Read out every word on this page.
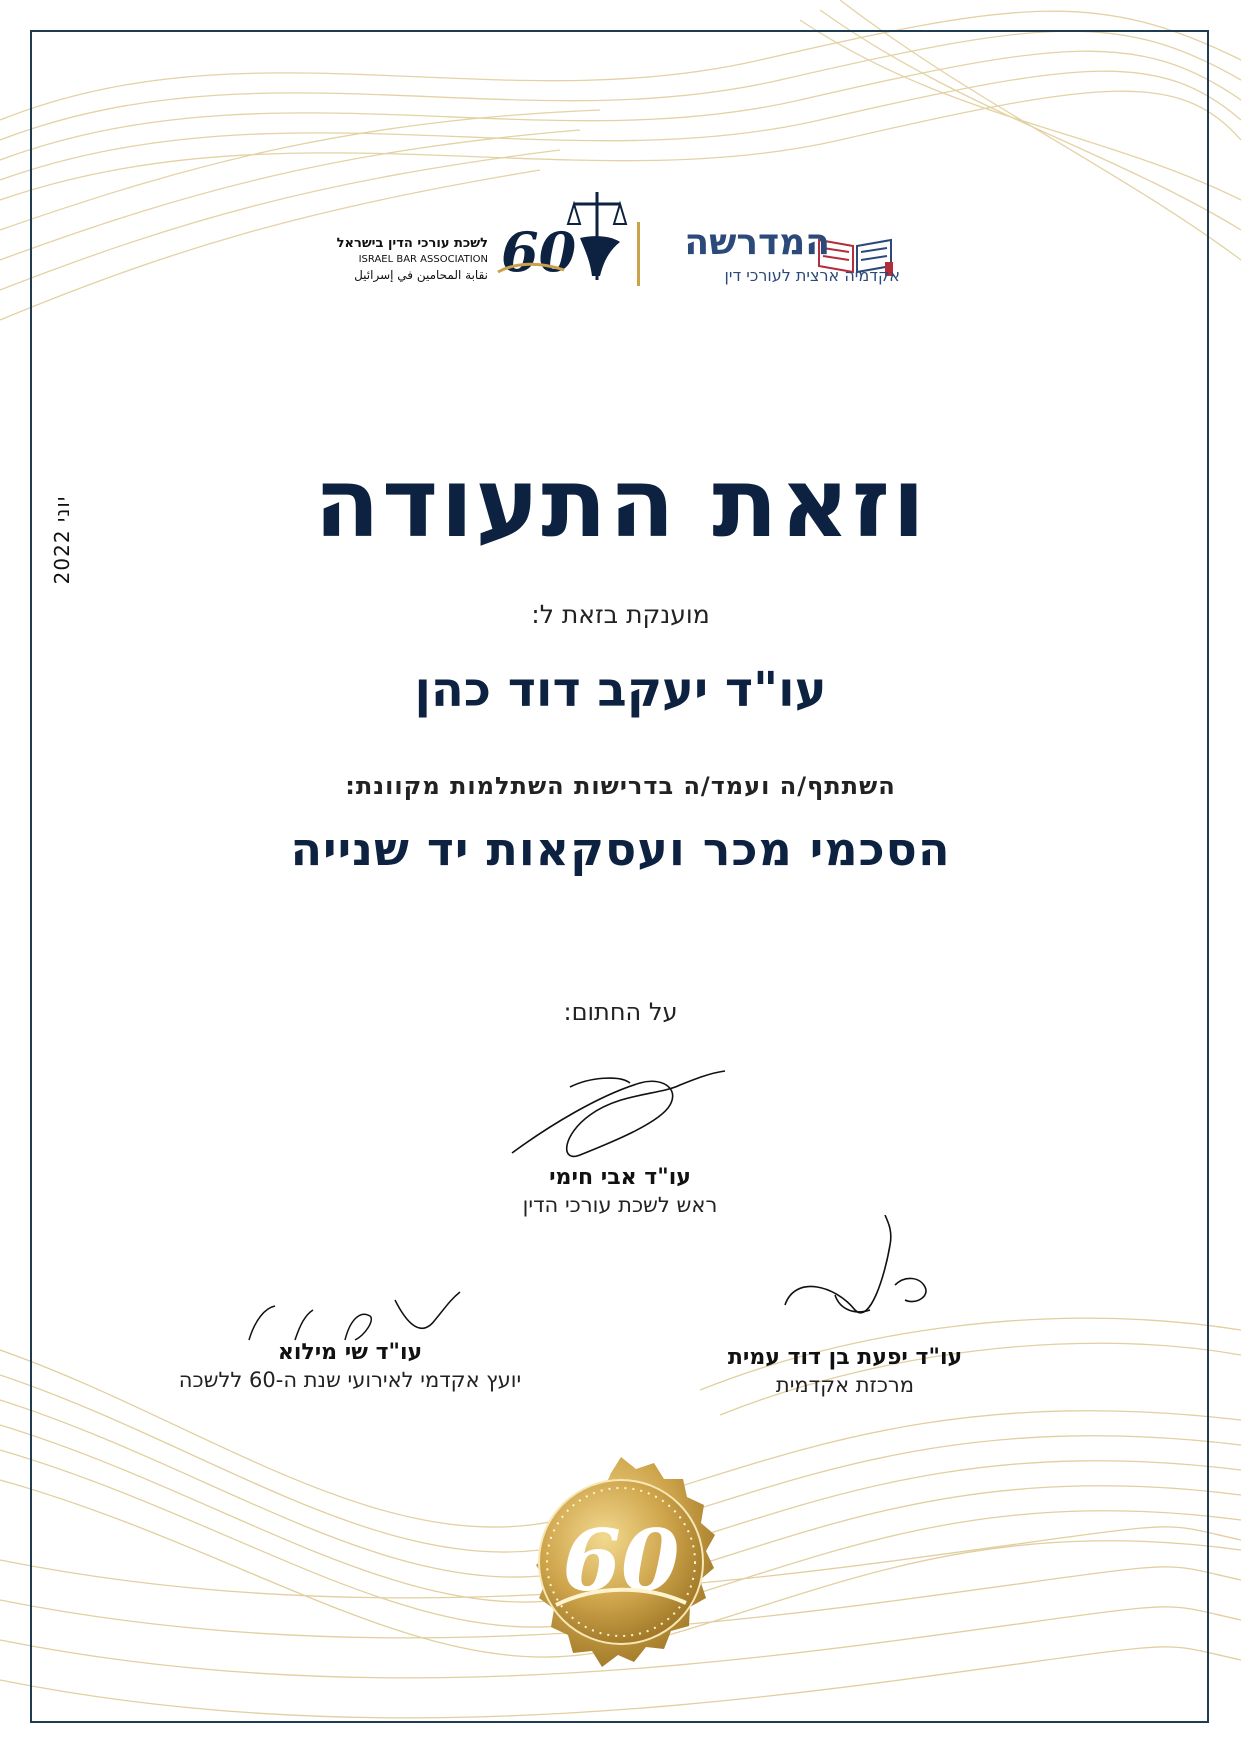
60
לשכת עורכי הדין בישראל
ISRAEL BAR ASSOCIATION
نقابة المحامين في إسرائيل
המדרשה
אקדמיה ארצית לעורכי דין
יוני 2022	וזאת התעודה
מוענקת בזאת ל:
עו"ד יעקב דוד כהן
השתתף/ה ועמד/ה בדרישות השתלמות מקוונת:
הסכמי מכר ועסקאות יד שנייה
על החתום:
עו"ד אבי חימי
ראש לשכת עורכי הדין
עו"ד שי מילוא
יועץ אקדמי לאירועי שנת ה-60 ללשכה
עו"ד יפעת בן דוד עמית
מרכזת אקדמית
60
